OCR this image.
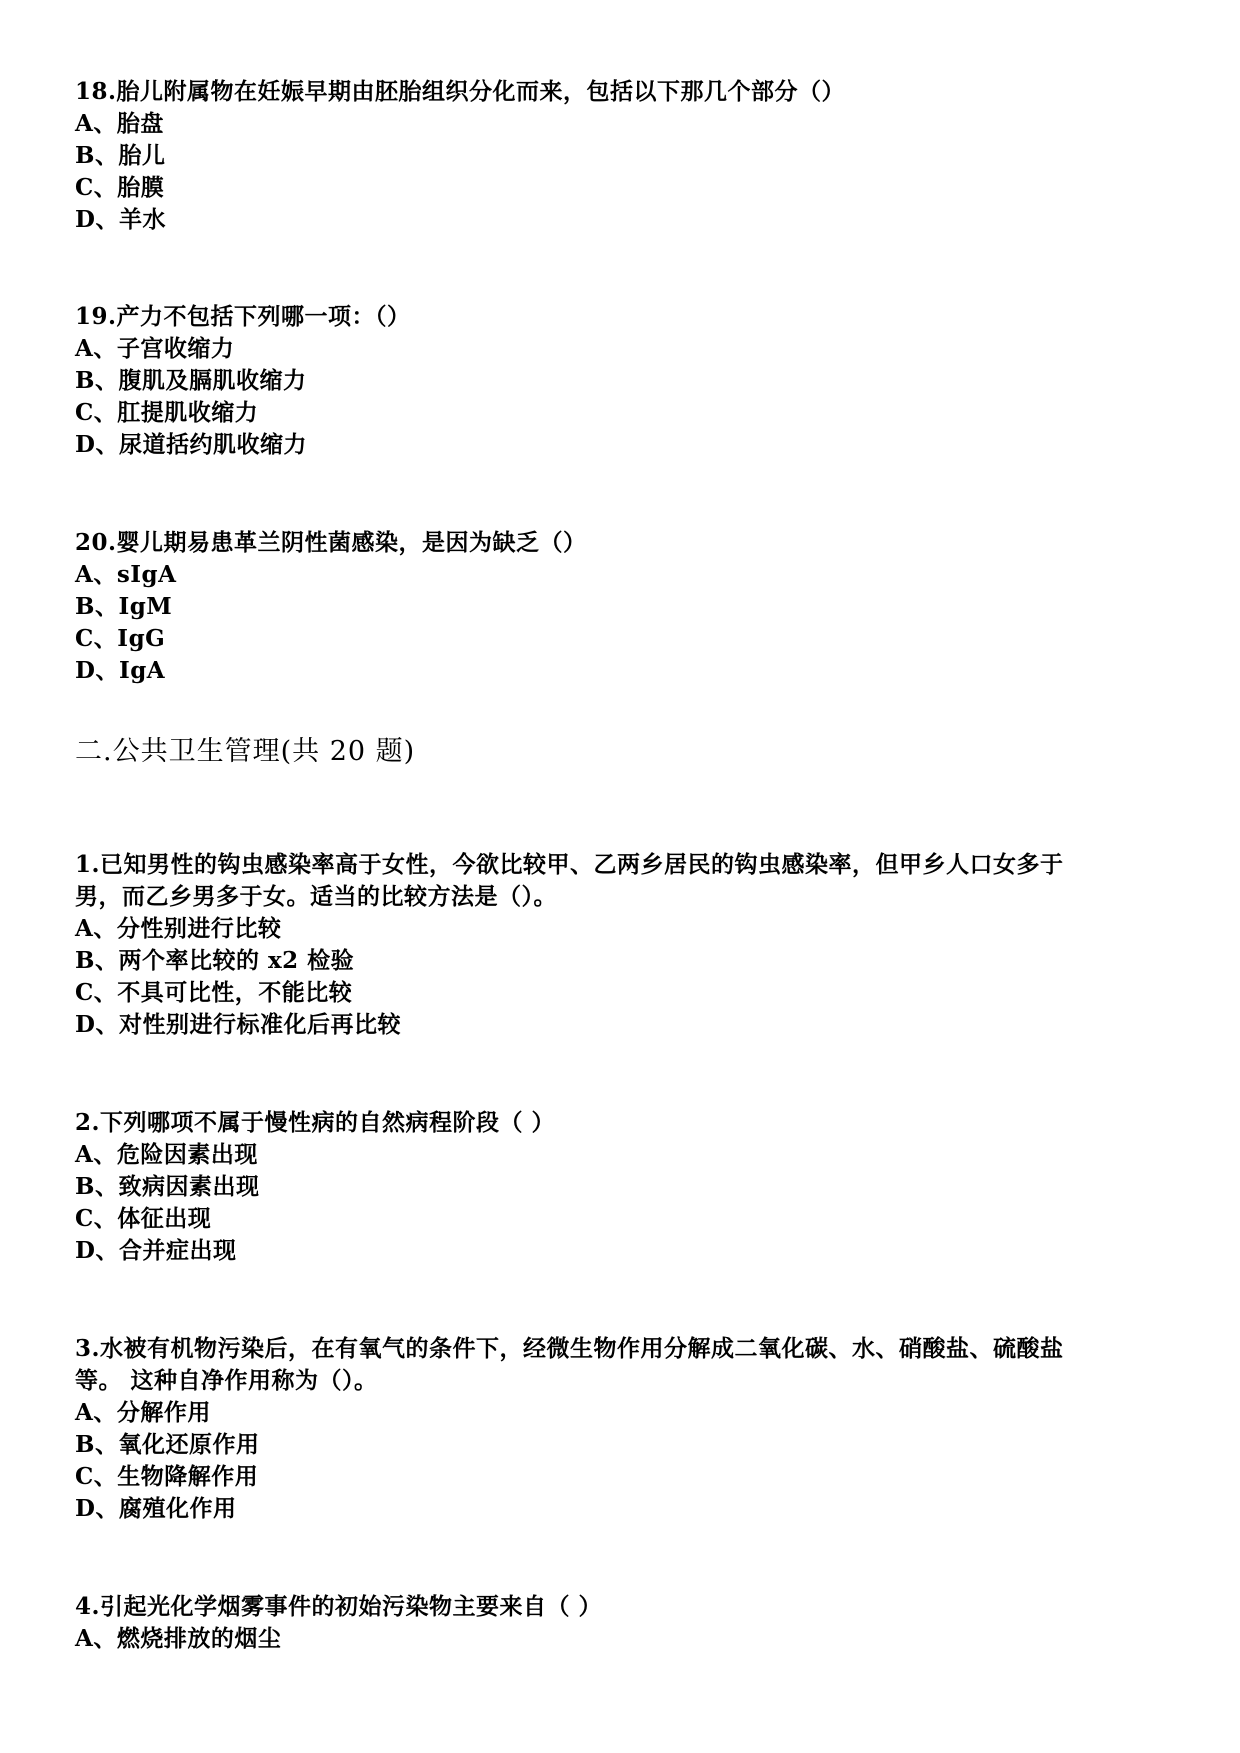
18.胎儿附属物在妊娠早期由胚胎组织分化而来，包括以下那几个部分（）
A、胎盘
B、胎儿
C、胎膜
D、羊水
19.产力不包括下列哪一项：（）
A、子宫收缩力
B、腹肌及膈肌收缩力
C、肛提肌收缩力
D、尿道括约肌收缩力
20.婴儿期易患革兰阴性菌感染，是因为缺乏（）
A、sIgA
B、IgM
C、IgG
D、IgA
二.公共卫生管理(共 20 题)
1.已知男性的钩虫感染率高于女性，今欲比较甲、乙两乡居民的钩虫感染率，但甲乡人口女多于
男，而乙乡男多于女。适当的比较方法是（）。
A、分性别进行比较
B、两个率比较的 x2 检验
C、不具可比性，不能比较
D、对性别进行标准化后再比较
2.下列哪项不属于慢性病的自然病程阶段（ ）
A、危险因素出现
B、致病因素出现
C、体征出现
D、合并症出现
3.水被有机物污染后，在有氧气的条件下，经微生物作用分解成二氧化碳、水、硝酸盐、硫酸盐
等。 这种自净作用称为（）。
A、分解作用
B、氧化还原作用
C、生物降解作用
D、腐殖化作用
4.引起光化学烟雾事件的初始污染物主要来自（ ）
A、燃烧排放的烟尘
